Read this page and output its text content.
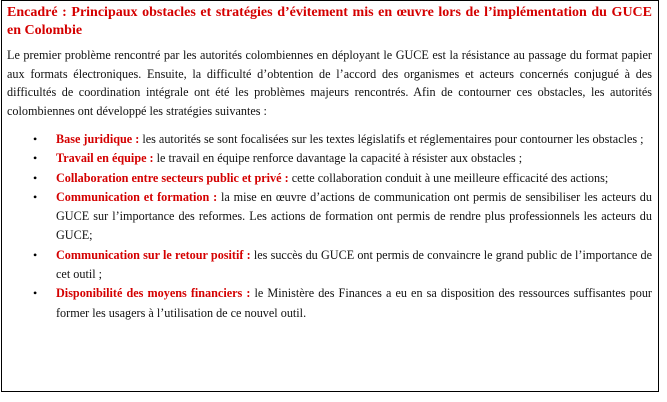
Encadré : Principaux obstacles et stratégies d’évitement mis en œuvre lors de l’implémentation du GUCE en Colombie

Le premier problème rencontré par les autorités colombiennes en déployant le GUCE est la résistance au passage du format papier aux formats électroniques. Ensuite, la difficulté d’obtention de l’accord des organismes et acteurs concernés conjugué à des difficultés de coordination intégrale ont été les problèmes majeurs rencontrés. Afin de contourner ces obstacles, les autorités colombiennes ont développé les stratégies suivantes :

• Base juridique : les autorités se sont focalisées sur les textes législatifs et réglementaires pour contourner les obstacles ;
• Travail en équipe : le travail en équipe renforce davantage la capacité à résister aux obstacles ;
• Collaboration entre secteurs public et privé : cette collaboration conduit à une meilleure efficacité des actions;
• Communication et formation : la mise en œuvre d’actions de communication ont permis de sensibiliser les acteurs du GUCE sur l’importance des reformes. Les actions de formation ont permis de rendre plus professionnels les acteurs du GUCE;
• Communication sur le retour positif : les succès du GUCE ont permis de convaincre le grand public de l’importance de cet outil ;
• Disponibilité des moyens financiers : le Ministère des Finances a eu en sa disposition des ressources suffisantes pour former les usagers à l’utilisation de ce nouvel outil.
